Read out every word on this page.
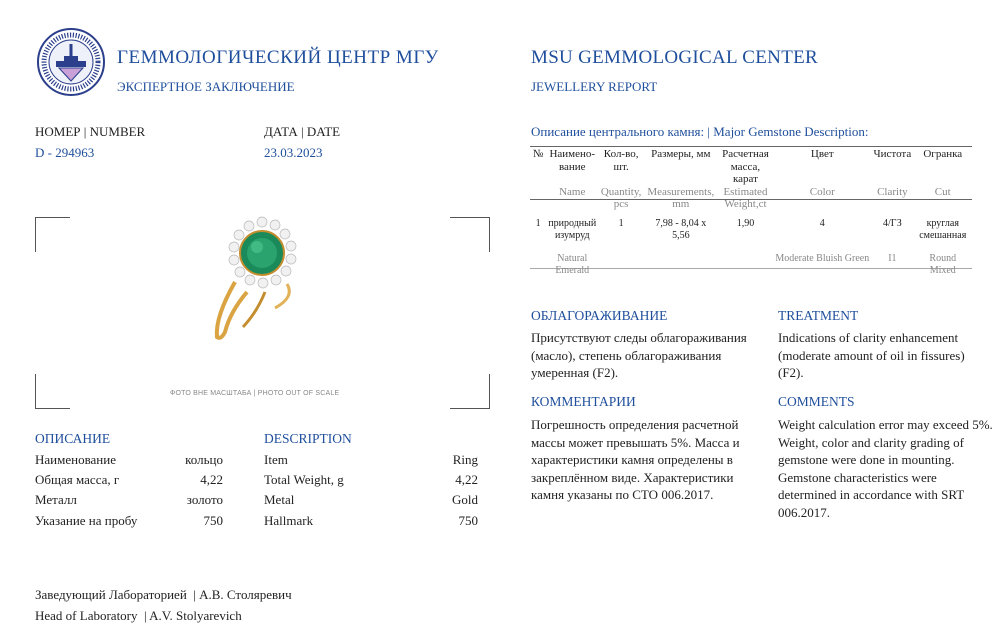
ГЕММОЛОГИЧЕСКИЙ ЦЕНТР МГУ
ЭКСПЕРТНОЕ ЗАКЛЮЧЕНИЕ
MSU GEMMOLOGICAL CENTER
JEWELLERY REPORT
НОМЕР | NUMBER
D - 294963
ДАТА | DATE
23.03.2023
ФОТО ВНЕ МАСШТАБА | PHOTO OUT OF SCALE
ОПИСАНИЕ	DESCRIPTION
Наименование	кольцо	Item	Ring
Общая масса, г	4,22	Total Weight, g	4,22
Металл	золото	Metal	Gold
Указание на пробу	750	Hallmark	750
Описание центрального камня: | Major Gemstone Description:
№	Наимено-вание	Кол-во, шт.	Размеры, мм	Расчетная масса, карат	Цвет	Чистота	Огранка
	Name	Quantity, pcs	Measurements, mm	Estimated Weight,ct	Color	Clarity	Cut
1	природный изумруд	1	7,98 - 8,04 x 5,56	1,90	4	4/ГЗ	круглая смешанная
	Natural Emerald				Moderate Bluish Green	I1	Round Mixed
ОБЛАГОРАЖИВАНИЕ
Присутствуют следы облагораживания (масло), степень облагораживания умеренная (F2).
TREATMENT
Indications of clarity enhancement (moderate amount of oil in fissures) (F2).
КОММЕНТАРИИ
Погрешность определения расчетной массы может превышать 5%. Масса и характеристики камня определены в закреплённом виде. Характеристики камня указаны по СТО 006.2017.
COMMENTS
Weight calculation error may exceed 5%. Weight, color and clarity grading of gemstone were done in mounting. Gemstone characteristics were determined in accordance with SRT 006.2017.
Заведующий Лабораторией  | А.В. Столяревич
Head of Laboratory  | A.V. Stolyarevich
